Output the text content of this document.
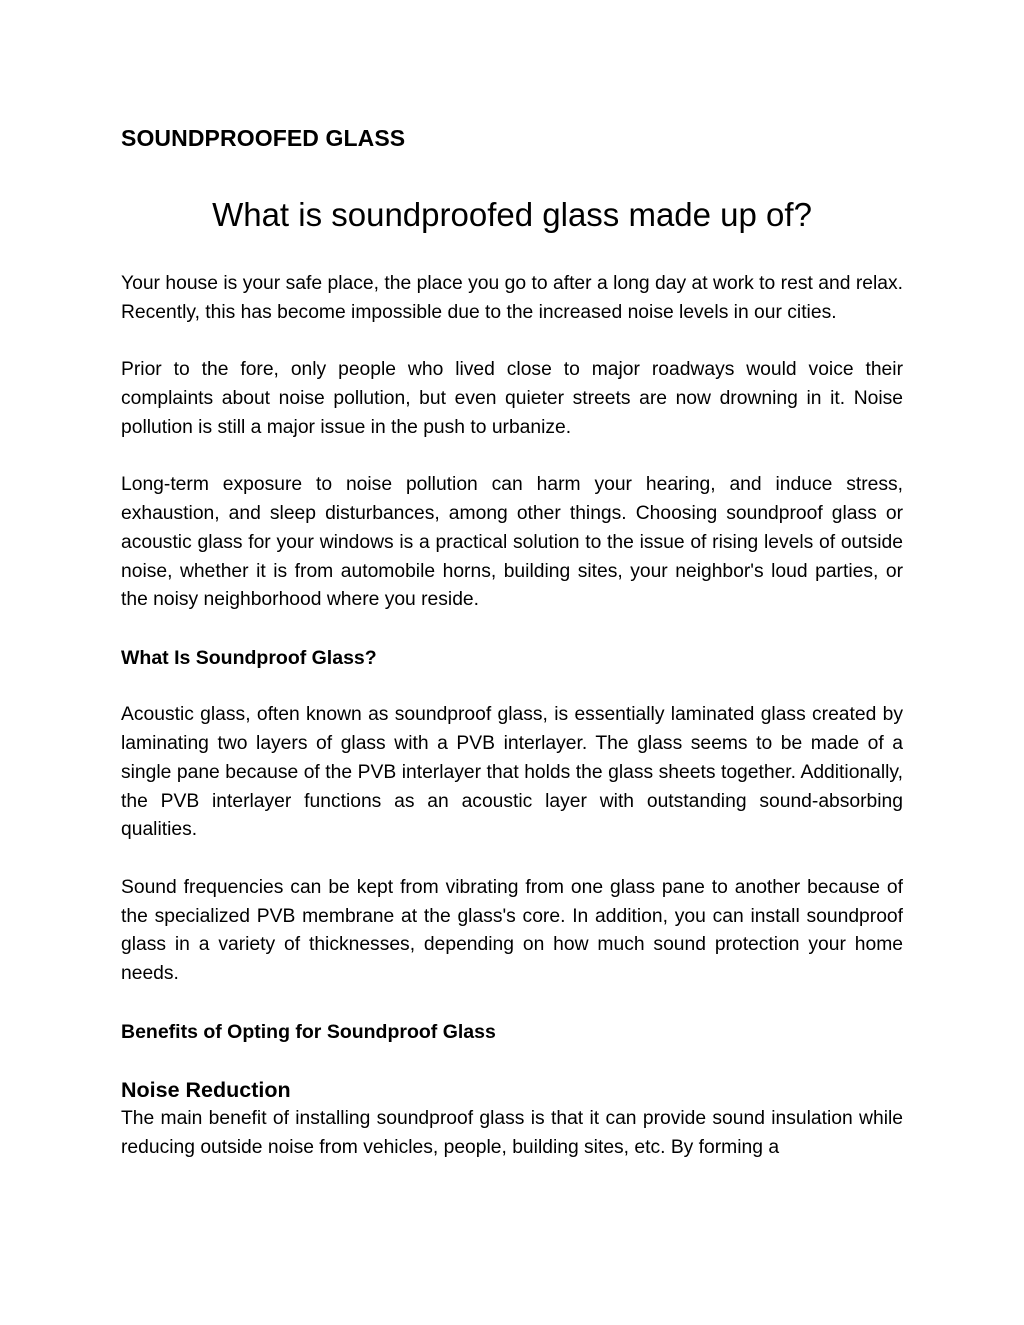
SOUNDPROOFED GLASS
What is soundproofed glass made up of?

Your house is your safe place, the place you go to after a long day at work to rest and relax. Recently, this has become impossible due to the increased noise levels in our cities.

Prior to the fore, only people who lived close to major roadways would voice their complaints about noise pollution, but even quieter streets are now drowning in it. Noise pollution is still a major issue in the push to urbanize.

Long-term exposure to noise pollution can harm your hearing, and induce stress, exhaustion, and sleep disturbances, among other things. Choosing soundproof glass or acoustic glass for your windows is a practical solution to the issue of rising levels of outside noise, whether it is from automobile horns, building sites, your neighbor's loud parties, or the noisy neighborhood where you reside.

What Is Soundproof Glass?

Acoustic glass, often known as soundproof glass, is essentially laminated glass created by laminating two layers of glass with a PVB interlayer. The glass seems to be made of a single pane because of the PVB interlayer that holds the glass sheets together. Additionally, the PVB interlayer functions as an acoustic layer with outstanding sound-absorbing qualities.

Sound frequencies can be kept from vibrating from one glass pane to another because of the specialized PVB membrane at the glass's core. In addition, you can install soundproof glass in a variety of thicknesses, depending on how much sound protection your home needs.

Benefits of Opting for Soundproof Glass
Noise Reduction

The main benefit of installing soundproof glass is that it can provide sound insulation while reducing outside noise from vehicles, people, building sites, etc. By forming a
